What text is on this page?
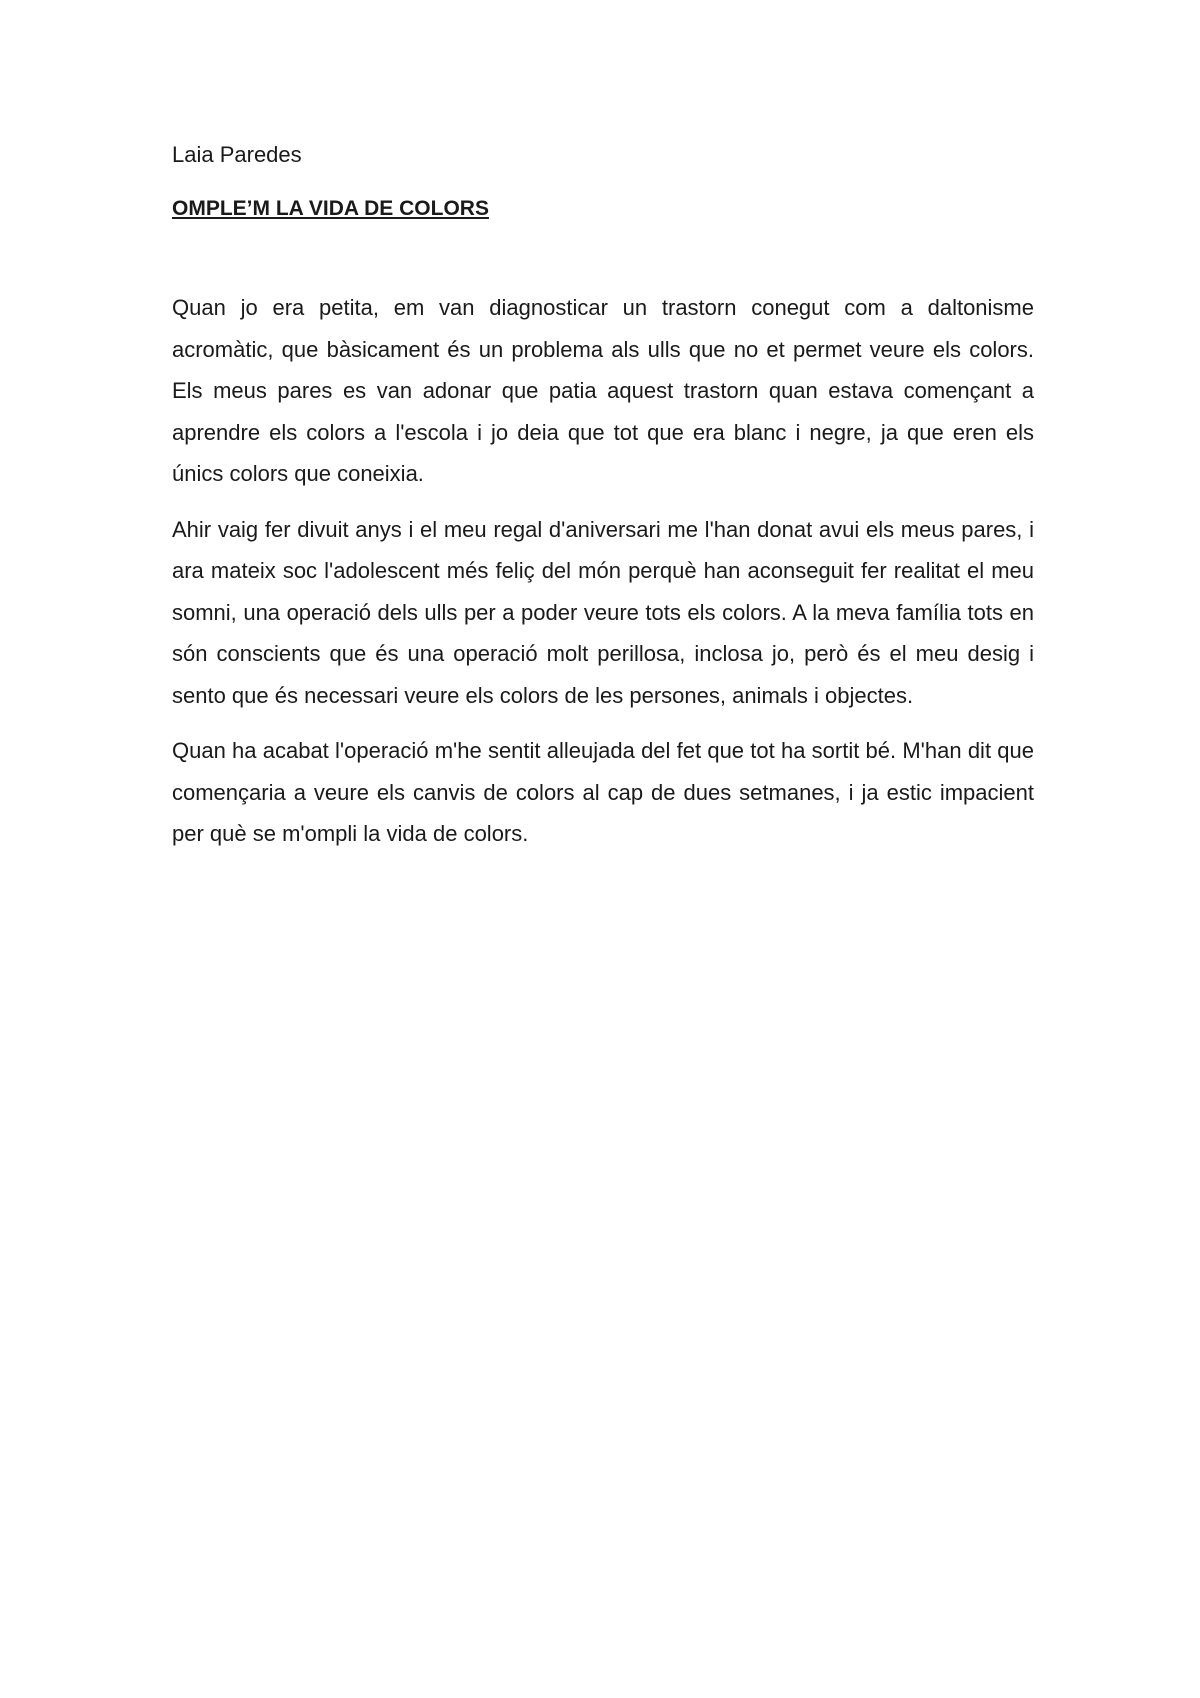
Laia Paredes

OMPLE’M LA VIDA DE COLORS

Quan jo era petita, em van diagnosticar un trastorn conegut com a daltonisme acromàtic, que bàsicament és un problema als ulls que no et permet veure els colors. Els meus pares es van adonar que patia aquest trastorn quan estava començant a aprendre els colors a l'escola i jo deia que tot que era blanc i negre, ja que eren els únics colors que coneixia.

Ahir vaig fer divuit anys i el meu regal d'aniversari me l'han donat avui els meus pares, i ara mateix soc l'adolescent més feliç del món perquè han aconseguit fer realitat el meu somni, una operació dels ulls per a poder veure tots els colors. A la meva família tots en són conscients que és una operació molt perillosa, inclosa jo, però és el meu desig i sento que és necessari veure els colors de les persones, animals i objectes.

Quan ha acabat l'operació m'he sentit alleujada del fet que tot ha sortit bé. M'han dit que començaria a veure els canvis de colors al cap de dues setmanes, i ja estic impacient per què se m'ompli la vida de colors.
